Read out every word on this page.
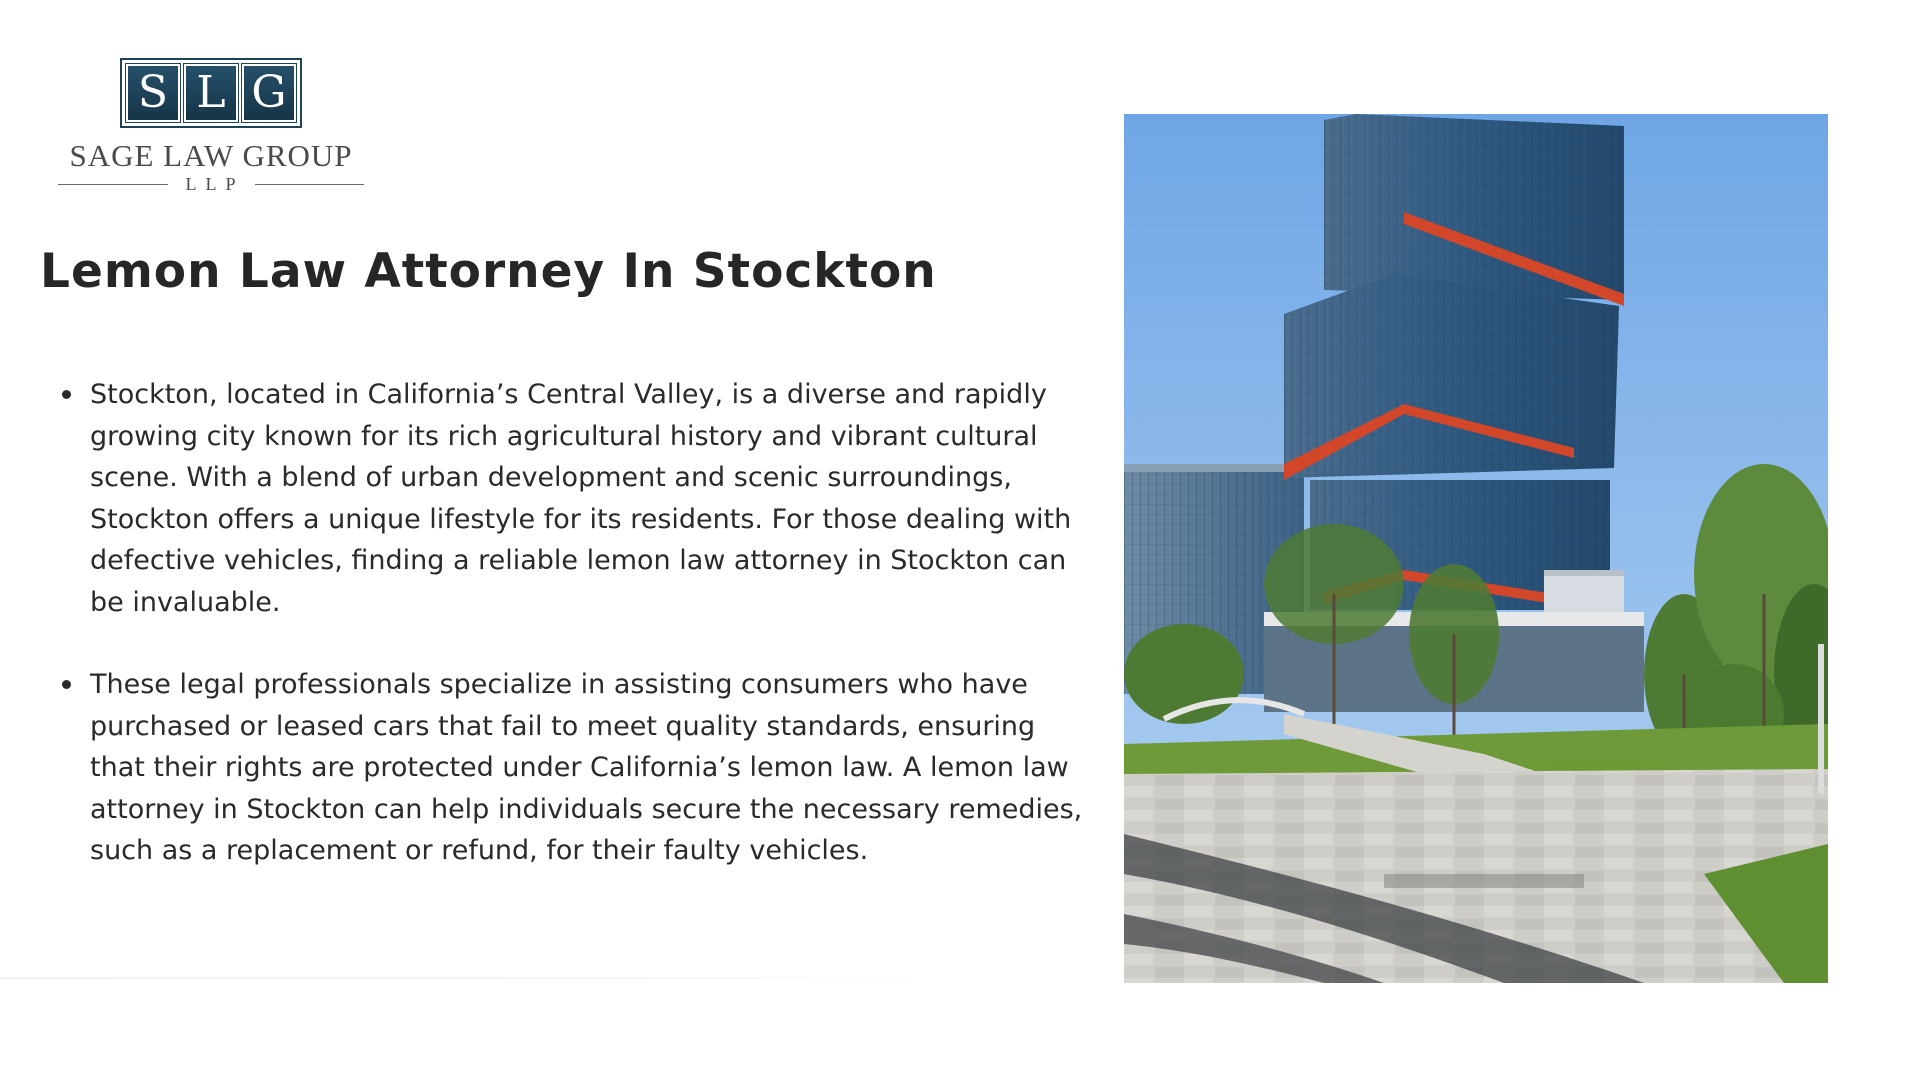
S L G
SAGE LAW GROUP
LLP
Lemon Law Attorney In Stockton
Stockton, located in California’s Central Valley, is a diverse and rapidly growing city known for its rich agricultural history and vibrant cultural scene. With a blend of urban development and scenic surroundings, Stockton offers a unique lifestyle for its residents. For those dealing with defective vehicles, finding a reliable lemon law attorney in Stockton can be invaluable.
These legal professionals specialize in assisting consumers who have purchased or leased cars that fail to meet quality standards, ensuring that their rights are protected under California’s lemon law. A lemon law attorney in Stockton can help individuals secure the necessary remedies, such as a replacement or refund, for their faulty vehicles.
